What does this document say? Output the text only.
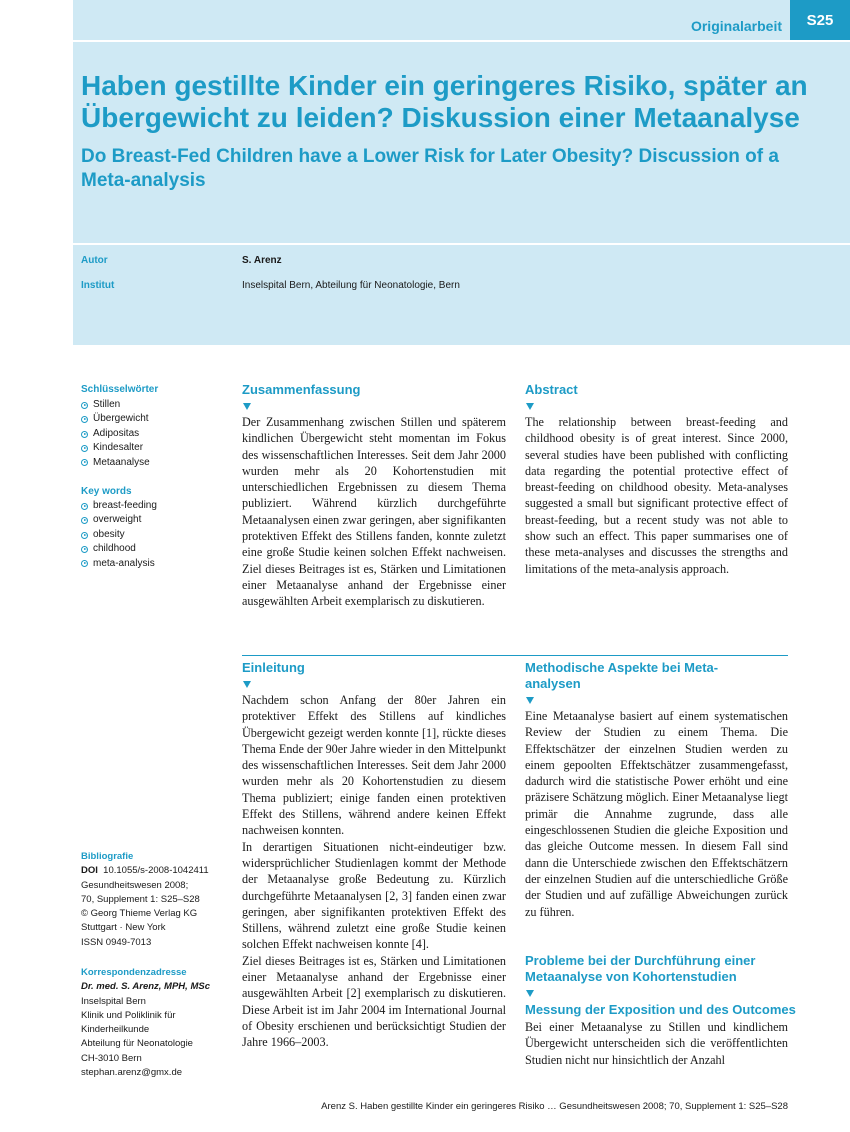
Originalarbeit	S25
Haben gestillte Kinder ein geringeres Risiko, später an Übergewicht zu leiden? Diskussion einer Metaanalyse
Do Breast-Fed Children have a Lower Risk for Later Obesity? Discussion of a Meta-analysis
Autor	S. Arenz
Institut	Inselspital Bern, Abteilung für Neonatologie, Bern
Schlüsselwörter
Stillen
Übergewicht
Adipositas
Kindesalter
Metaanalyse
Key words
breast-feeding
overweight
obesity
childhood
meta-analysis
Bibliografie
DOI 10.1055/s-2008-1042411
Gesundheitswesen 2008;
70, Supplement 1: S25–S28
© Georg Thieme Verlag KG
Stuttgart · New York
ISSN 0949-7013
Korrespondenzadresse
Dr. med. S. Arenz, MPH, MSc
Inselspital Bern
Klinik und Poliklinik für
Kinderheilkunde
Abteilung für Neonatologie
CH-3010 Bern
stephan.arenz@gmx.de
Zusammenfassung

Der Zusammenhang zwischen Stillen und späterem kindlichen Übergewicht steht momentan im Fokus des wissenschaftlichen Interesses. Seit dem Jahr 2000 wurden mehr als 20 Kohortenstudien mit unterschiedlichen Ergebnissen zu diesem Thema publiziert. Während kürzlich durchgeführte Metaanalysen einen zwar geringen, aber signifikanten protektiven Effekt des Stillens fanden, konnte zuletzt eine große Studie keinen solchen Effekt nachweisen. Ziel dieses Beitrages ist es, Stärken und Limitationen einer Metaanalyse anhand der Ergebnisse einer ausgewählten Arbeit exemplarisch zu diskutieren.

Abstract

The relationship between breast-feeding and childhood obesity is of great interest. Since 2000, several studies have been published with conflicting data regarding the potential protective effect of breast-feeding on childhood obesity. Meta-analyses suggested a small but significant protective effect of breast-feeding, but a recent study was not able to show such an effect. This paper summarises one of these meta-analyses and discusses the strengths and limitations of the meta-analysis approach.

Einleitung

Nachdem schon Anfang der 80er Jahren ein protektiver Effekt des Stillens auf kindliches Übergewicht gezeigt werden konnte [1], rückte dieses Thema Ende der 90er Jahre wieder in den Mittelpunkt des wissenschaftlichen Interesses. Seit dem Jahr 2000 wurden mehr als 20 Kohortenstudien zu diesem Thema publiziert; einige fanden einen protektiven Effekt des Stillens, während andere keinen Effekt nachweisen konnten.

In derartigen Situationen nicht-eindeutiger bzw. widersprüchlicher Studienlagen kommt der Methode der Metaanalyse große Bedeutung zu. Kürzlich durchgeführte Metaanalysen [2, 3] fanden einen zwar geringen, aber signifikanten protektiven Effekt des Stillens, während zuletzt eine große Studie keinen solchen Effekt nachweisen konnte [4].

Ziel dieses Beitrages ist es, Stärken und Limitationen einer Metaanalyse anhand der Ergebnisse einer ausgewählten Arbeit [2] exemplarisch zu diskutieren. Diese Arbeit ist im Jahr 2004 im International Journal of Obesity erschienen und berücksichtigt Studien der Jahre 1966–2003.

Methodische Aspekte bei Meta-
analysen

Eine Metaanalyse basiert auf einem systematischen Review der Studien zu einem Thema. Die Effektschätzer der einzelnen Studien werden zu einem gepoolten Effektschätzer zusammengefasst, dadurch wird die statistische Power erhöht und eine präzisere Schätzung möglich. Einer Metaanalyse liegt primär die Annahme zugrunde, dass alle eingeschlossenen Studien die gleiche Exposition und das gleiche Outcome messen. In diesem Fall sind dann die Unterschiede zwischen den Effektschätzern der einzelnen Studien auf die unterschiedliche Größe der Studien und auf zufällige Abweichungen zurück zu führen.

Probleme bei der Durchführung einer
Metaanalyse von Kohortenstudien
Messung der Exposition und des Outcomes

Bei einer Metaanalyse zu Stillen und kindlichem Übergewicht unterscheiden sich die veröffentlichten Studien nicht nur hinsichtlich der Anzahl

Arenz S. Haben gestillte Kinder ein geringeres Risiko … Gesundheitswesen 2008; 70, Supplement 1: S25–S28
